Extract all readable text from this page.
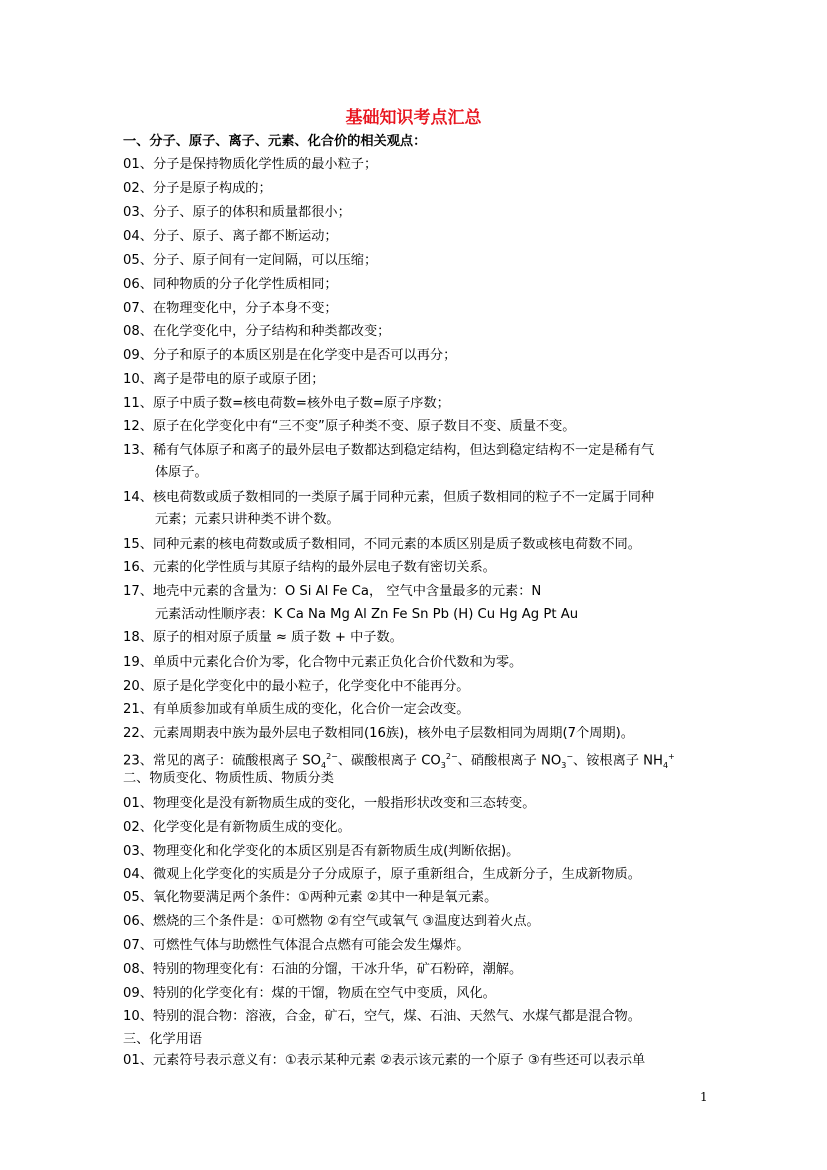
基础知识考点汇总
一、分子、原子、离子、元素、化合价的相关观点：
01、分子是保持物质化学性质的最小粒子；
02、分子是原子构成的；
03、分子、原子的体积和质量都很小；
04、分子、原子、离子都不断运动；
05、分子、原子间有一定间隔，可以压缩；
06、同种物质的分子化学性质相同；
07、在物理变化中，分子本身不变；
08、在化学变化中，分子结构和种类都改变；
09、分子和原子的本质区别是在化学变中是否可以再分；
10、离子是带电的原子或原子团；
11、原子中质子数=核电荷数=核外电子数=原子序数；
12、原子在化学变化中有“三不变”原子种类不变、原子数目不变、质量不变。
13、稀有气体原子和离子的最外层电子数都达到稳定结构，但达到稳定结构不一定是稀有气
体原子。
14、核电荷数或质子数相同的一类原子属于同种元素，但质子数相同的粒子不一定属于同种
元素；元素只讲种类不讲个数。
15、同种元素的核电荷数或质子数相同，不同元素的本质区别是质子数或核电荷数不同。
16、元素的化学性质与其原子结构的最外层电子数有密切关系。
17、地壳中元素的含量为：O Si Al Fe Ca， 空气中含量最多的元素：N
元素活动性顺序表：K Ca Na Mg Al Zn Fe Sn Pb (H) Cu Hg Ag Pt Au
18、原子的相对原子质量 ≈ 质子数 + 中子数。
19、单质中元素化合价为零，化合物中元素正负化合价代数和为零。
20、原子是化学变化中的最小粒子，化学变化中不能再分。
21、有单质参加或有单质生成的变化，化合价一定会改变。
22、元素周期表中族为最外层电子数相同(16族)，核外电子层数相同为周期(7个周期)。
23、常见的离子：硫酸根离子 $SO_4^{2-}$、碳酸根离子 $CO_3^{2-}$、硝酸根离子 $NO_3^-$、铵根离子 $NH_4^+$
二、物质变化、物质性质、物质分类
01、物理变化是没有新物质生成的变化，一般指形状改变和三态转变。
02、化学变化是有新物质生成的变化。
03、物理变化和化学变化的本质区别是否有新物质生成(判断依据)。
04、微观上化学变化的实质是分子分成原子，原子重新组合，生成新分子，生成新物质。
05、氧化物要满足两个条件：①两种元素 ②其中一种是氧元素。
06、燃烧的三个条件是：①可燃物 ②有空气或氧气 ③温度达到着火点。
07、可燃性气体与助燃性气体混合点燃有可能会发生爆炸。
08、特别的物理变化有：石油的分馏，干冰升华，矿石粉碎，潮解。
09、特别的化学变化有：煤的干馏，物质在空气中变质，风化。
10、特别的混合物：溶液，合金，矿石，空气，煤、石油、天然气、水煤气都是混合物。
三、化学用语
01、元素符号表示意义有：①表示某种元素 ②表示该元素的一个原子 ③有些还可以表示单
1
